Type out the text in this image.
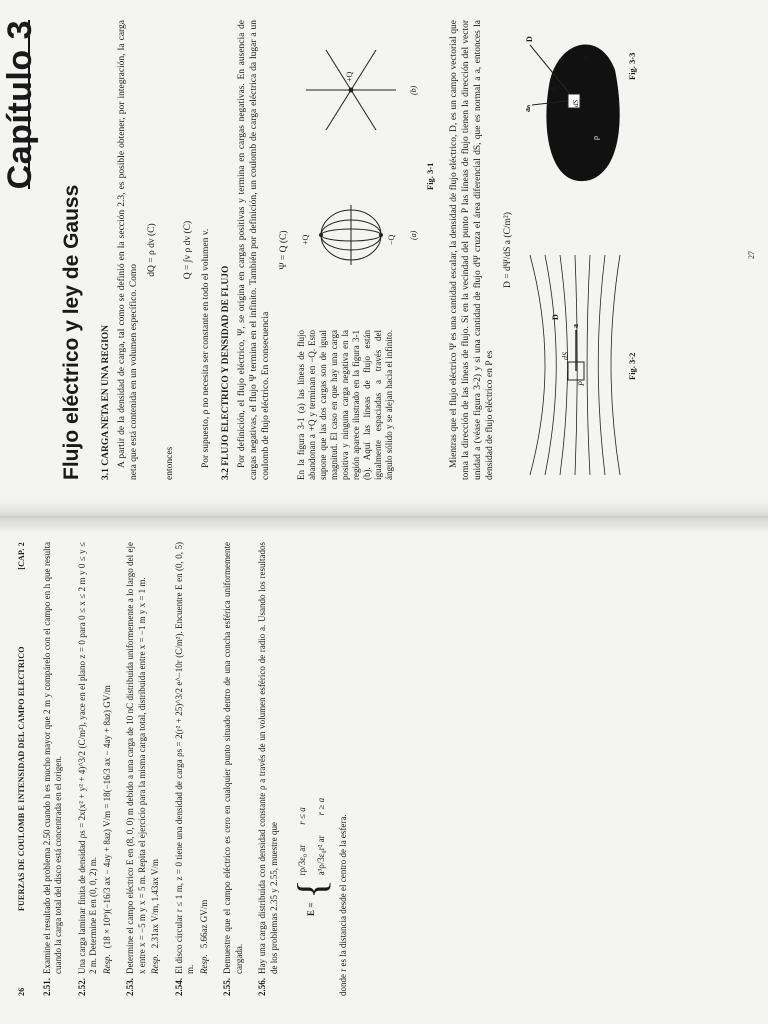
26
FUERZAS DE COULOMB E INTENSIDAD DEL CAMPO ELECTRICO
[CAP. 2
2.51.
Examine el resultado del problema 2.50 cuando h es mucho mayor que 2 m y compárelo con el campo en h que resulta cuando la carga total del disco está concentrada en el origen.
2.52.
Una carga laminar finita de densidad ρs = 2x(x² + y² + 4)^3/2 (C/m²), yace en el plano z = 0 para 0 ≤ x ≤ 2 m y 0 ≤ y ≤ 2 m. Determine E en (0, 0, 2) m. Resp.(18 × 10⁹)(−16/3 ax − 4ay + 8az) V/m = 18(−16/3 ax − 4ay + 8az) GV/m
2.53.
Determine el campo eléctrico E en (8, 0, 0) m debido a una carga de 10 nC distribuida uniformemente a lo largo del eje x entre x = −5 m y x = 5 m. Repita el ejercicio para la misma carga total, distribuida entre x = −1 m y x = 1 m. Resp.2.31ax V/m, 1.43ax V/m
2.54.
El disco circular r ≤ 1 m, z = 0 tiene una densidad de carga ρs = 2(r² + 25)^3/2 e^−10r (C/m²). Encuentre E en (0, 0, 5) m. Resp.5.66az GV/m
2.55.
Demuestre que el campo eléctrico es cero en cualquier punto situado dentro de una concha esférica uniformemente cargada.
2.56.
Hay una carga distribuida con densidad constante ρ a través de un volumen esférico de radio a. Usando los resultados de los problemas 2.35 y 2.55, muestre que	E =
{
rρ/3ε₀ ar
r ≤ a
a³ρ/3ε₀r² ar
r ≥ a
donde r es la distancia desde el centro de la esfera.
Capítulo 3
Flujo eléctrico y ley de Gauss 3.1 CARGA NETA EN UNA REGION A partir de la densidad de carga, tal como se definió en la sección 2.3, es posible obtener, por integración, la carga neta que está contenida en un volumen específico. Como
dQ = ρ dv (C)
entonces
Q = ∫v ρ dv (C) Por supuesto, ρ no necesita ser constante en todo el volumen v. 3.2 FLUJO ELECTRICO Y DENSIDAD DE FLUJO Por definición, el flujo eléctrico, Ψ, se origina en cargas positivas y termina en cargas negativas. En ausencia de cargas negativas, el flujo Ψ termina en el infinito. También por definición, un coulomb de carga eléctrica da lugar a un coulomb de flujo eléctrico. En consecuencia
Ψ = Q (C)
En la figura 3-1 (a) las líneas de flujo abandonan a +Q y terminan en −Q. Esto supone que las dos cargas son de igual magnitud. El caso en que hay una carga positiva y ninguna carga negativa en la región aparece ilustrado en la figura 3-1 (b). Aquí las líneas de flujo están igualmente espaciadas a través del ángulo sólido y se alejan hacia el infinito.
+Q	−Q
+Q
(a)
(b)
Fig. 3-1 Mientras que el flujo eléctrico Ψ es una cantidad escalar, la densidad de flujo eléctrico, D, es un campo vectorial que toma la dirección de las líneas de flujo. Si en la vecindad del punto P las líneas de flujo tienen la dirección del vector unidad a (véase figura 3-2) y si una cantidad de flujo dΨ cruza el área diferencial dS, que es normal a a, entonces la densidad de flujo eléctrico en P es
D = dΨ/dS a (C/m²)
P
dS
a
D
Fig. 3-2
D
aₙ
θ
dS
S
ρ
Fig. 3-3
27
